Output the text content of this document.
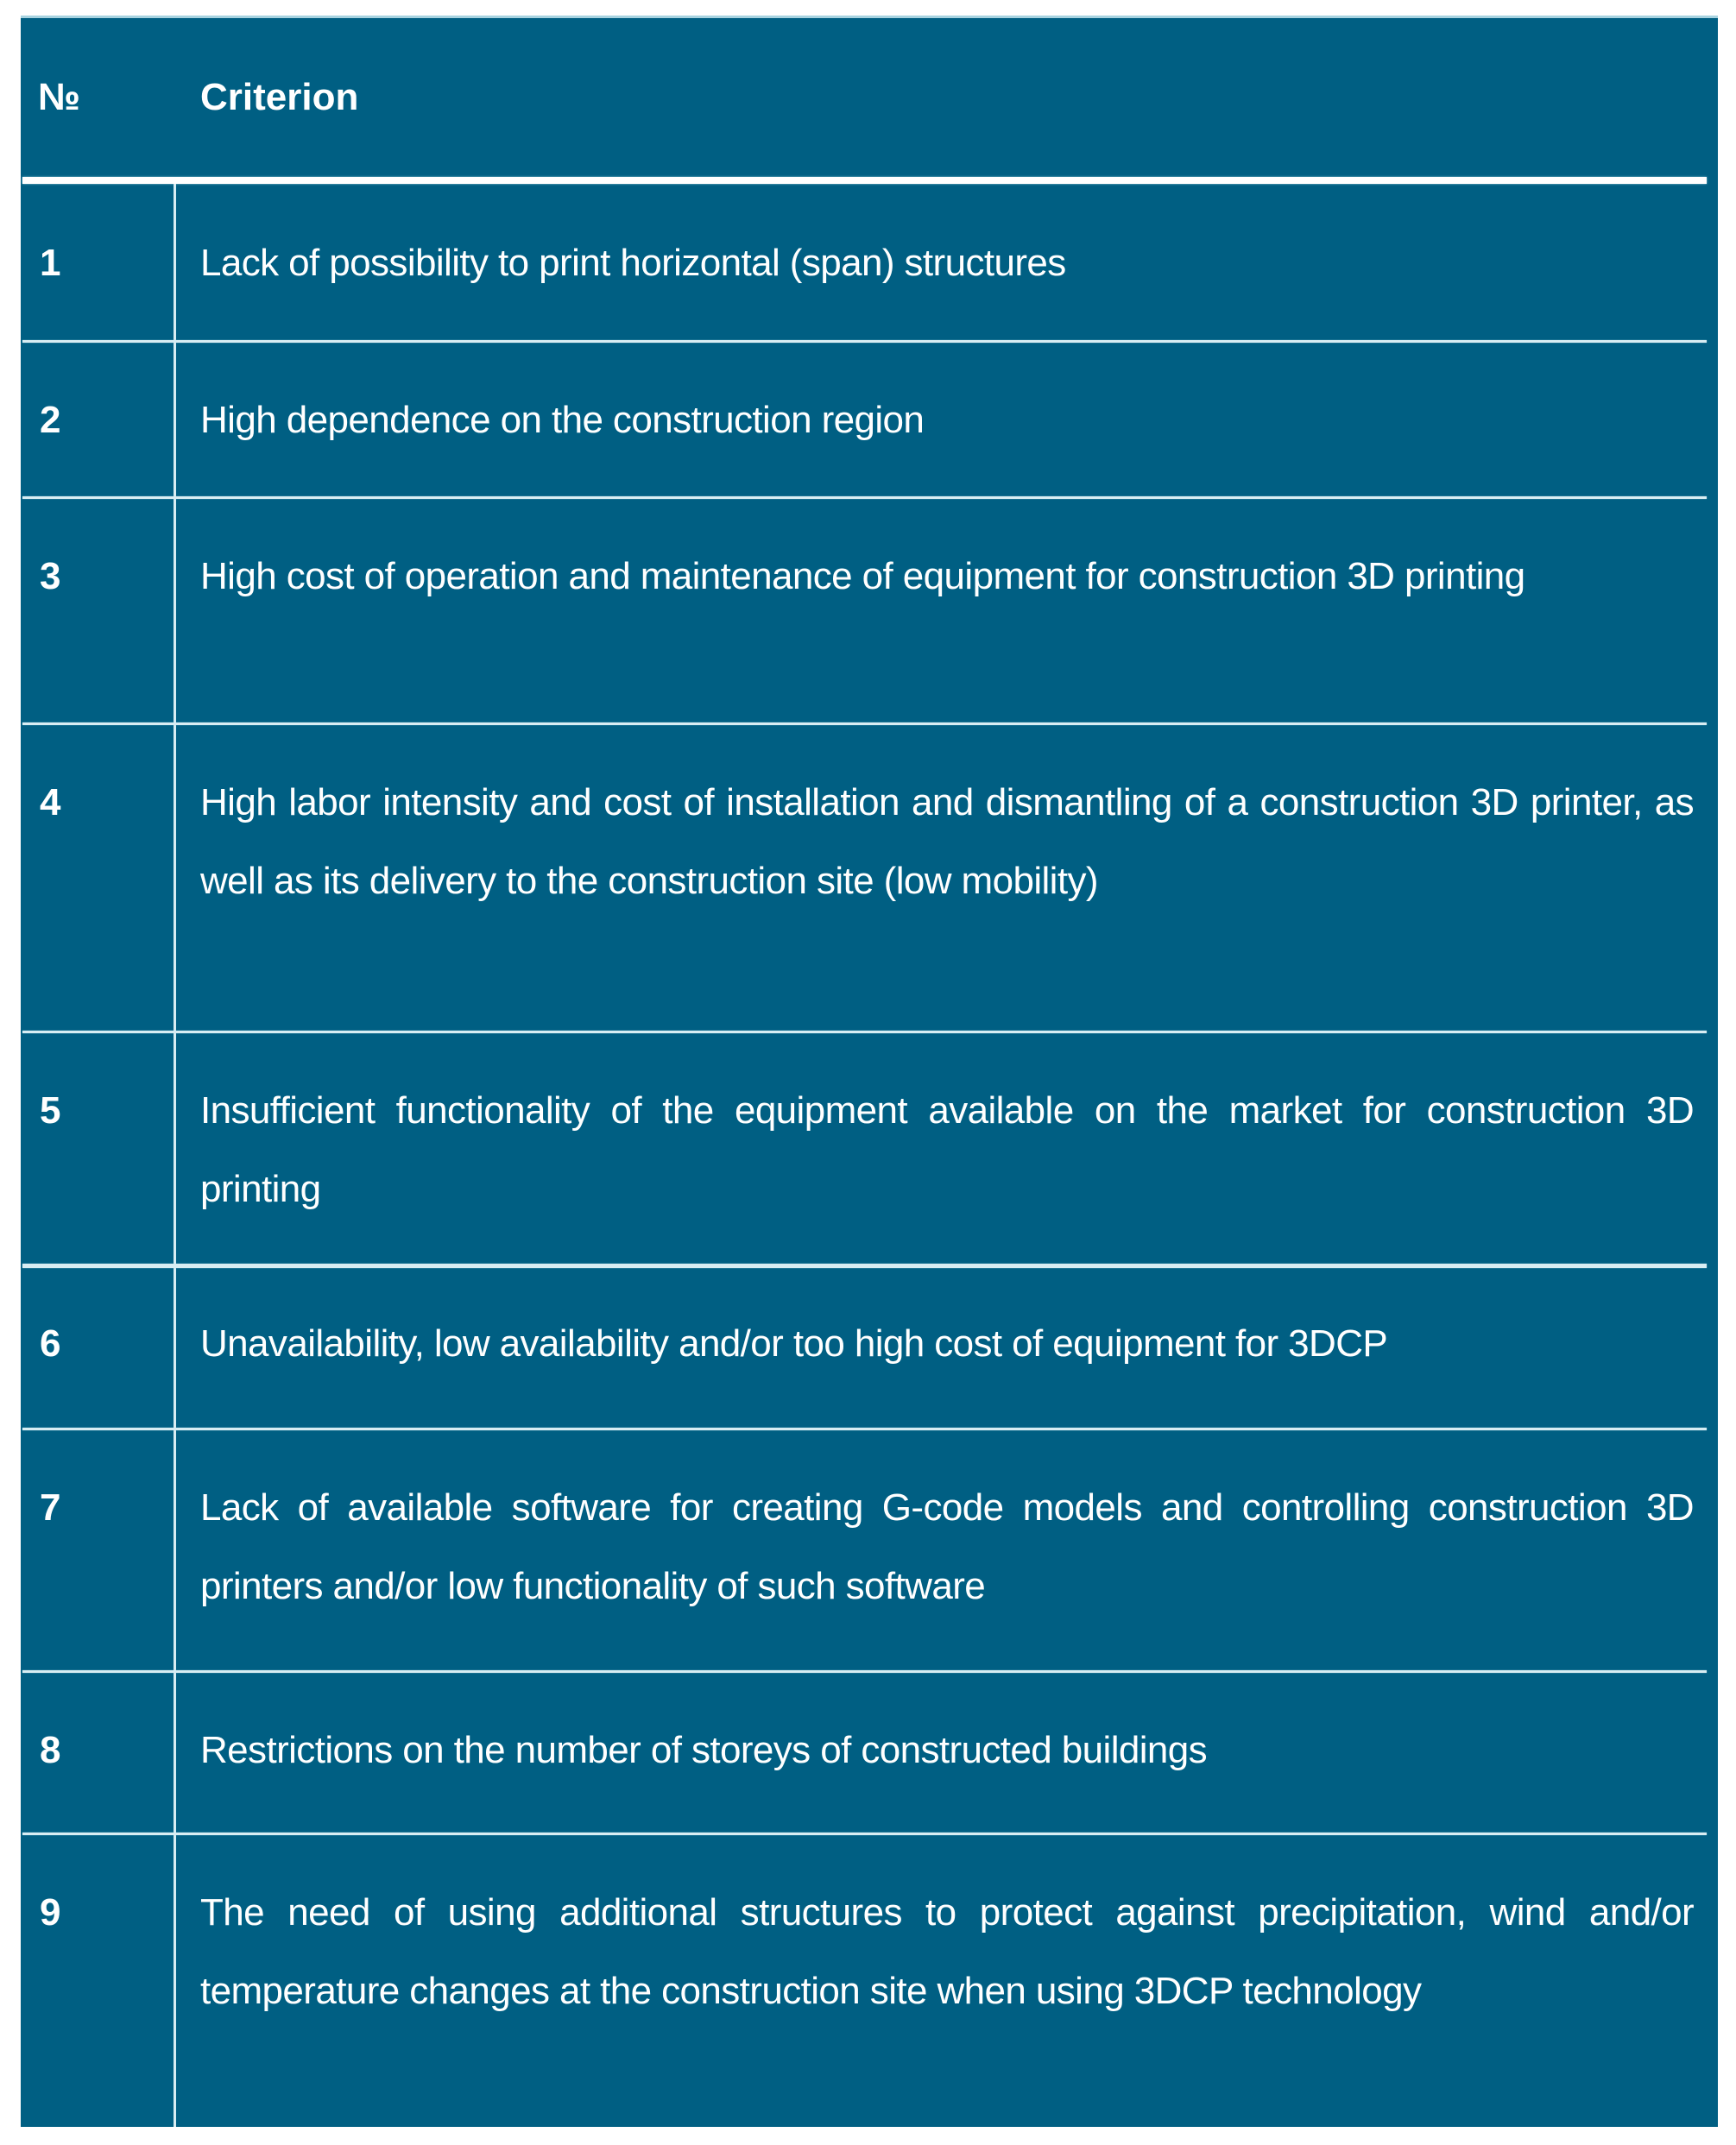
№	Criterion
1	Lack of possibility to print horizontal (span) structures
2	High dependence on the construction region
3	High cost of operation and maintenance of equipment for construction 3D printing
4	High labor intensity and cost of installation and dismantling of a construction 3D printer, as well as its delivery to the construction site (low mobility)
5	Insufficient functionality of the equipment available on the market for construction 3D printing
6	Unavailability, low availability and/or too high cost of equipment for 3DCP
7	Lack of available software for creating G-code models and controlling construction 3D printers and/or low functionality of such software
8	Restrictions on the number of storeys of constructed buildings
9	The need of using additional structures to protect against precipitation, wind and/or temperature changes at the construction site when using 3DCP technology
